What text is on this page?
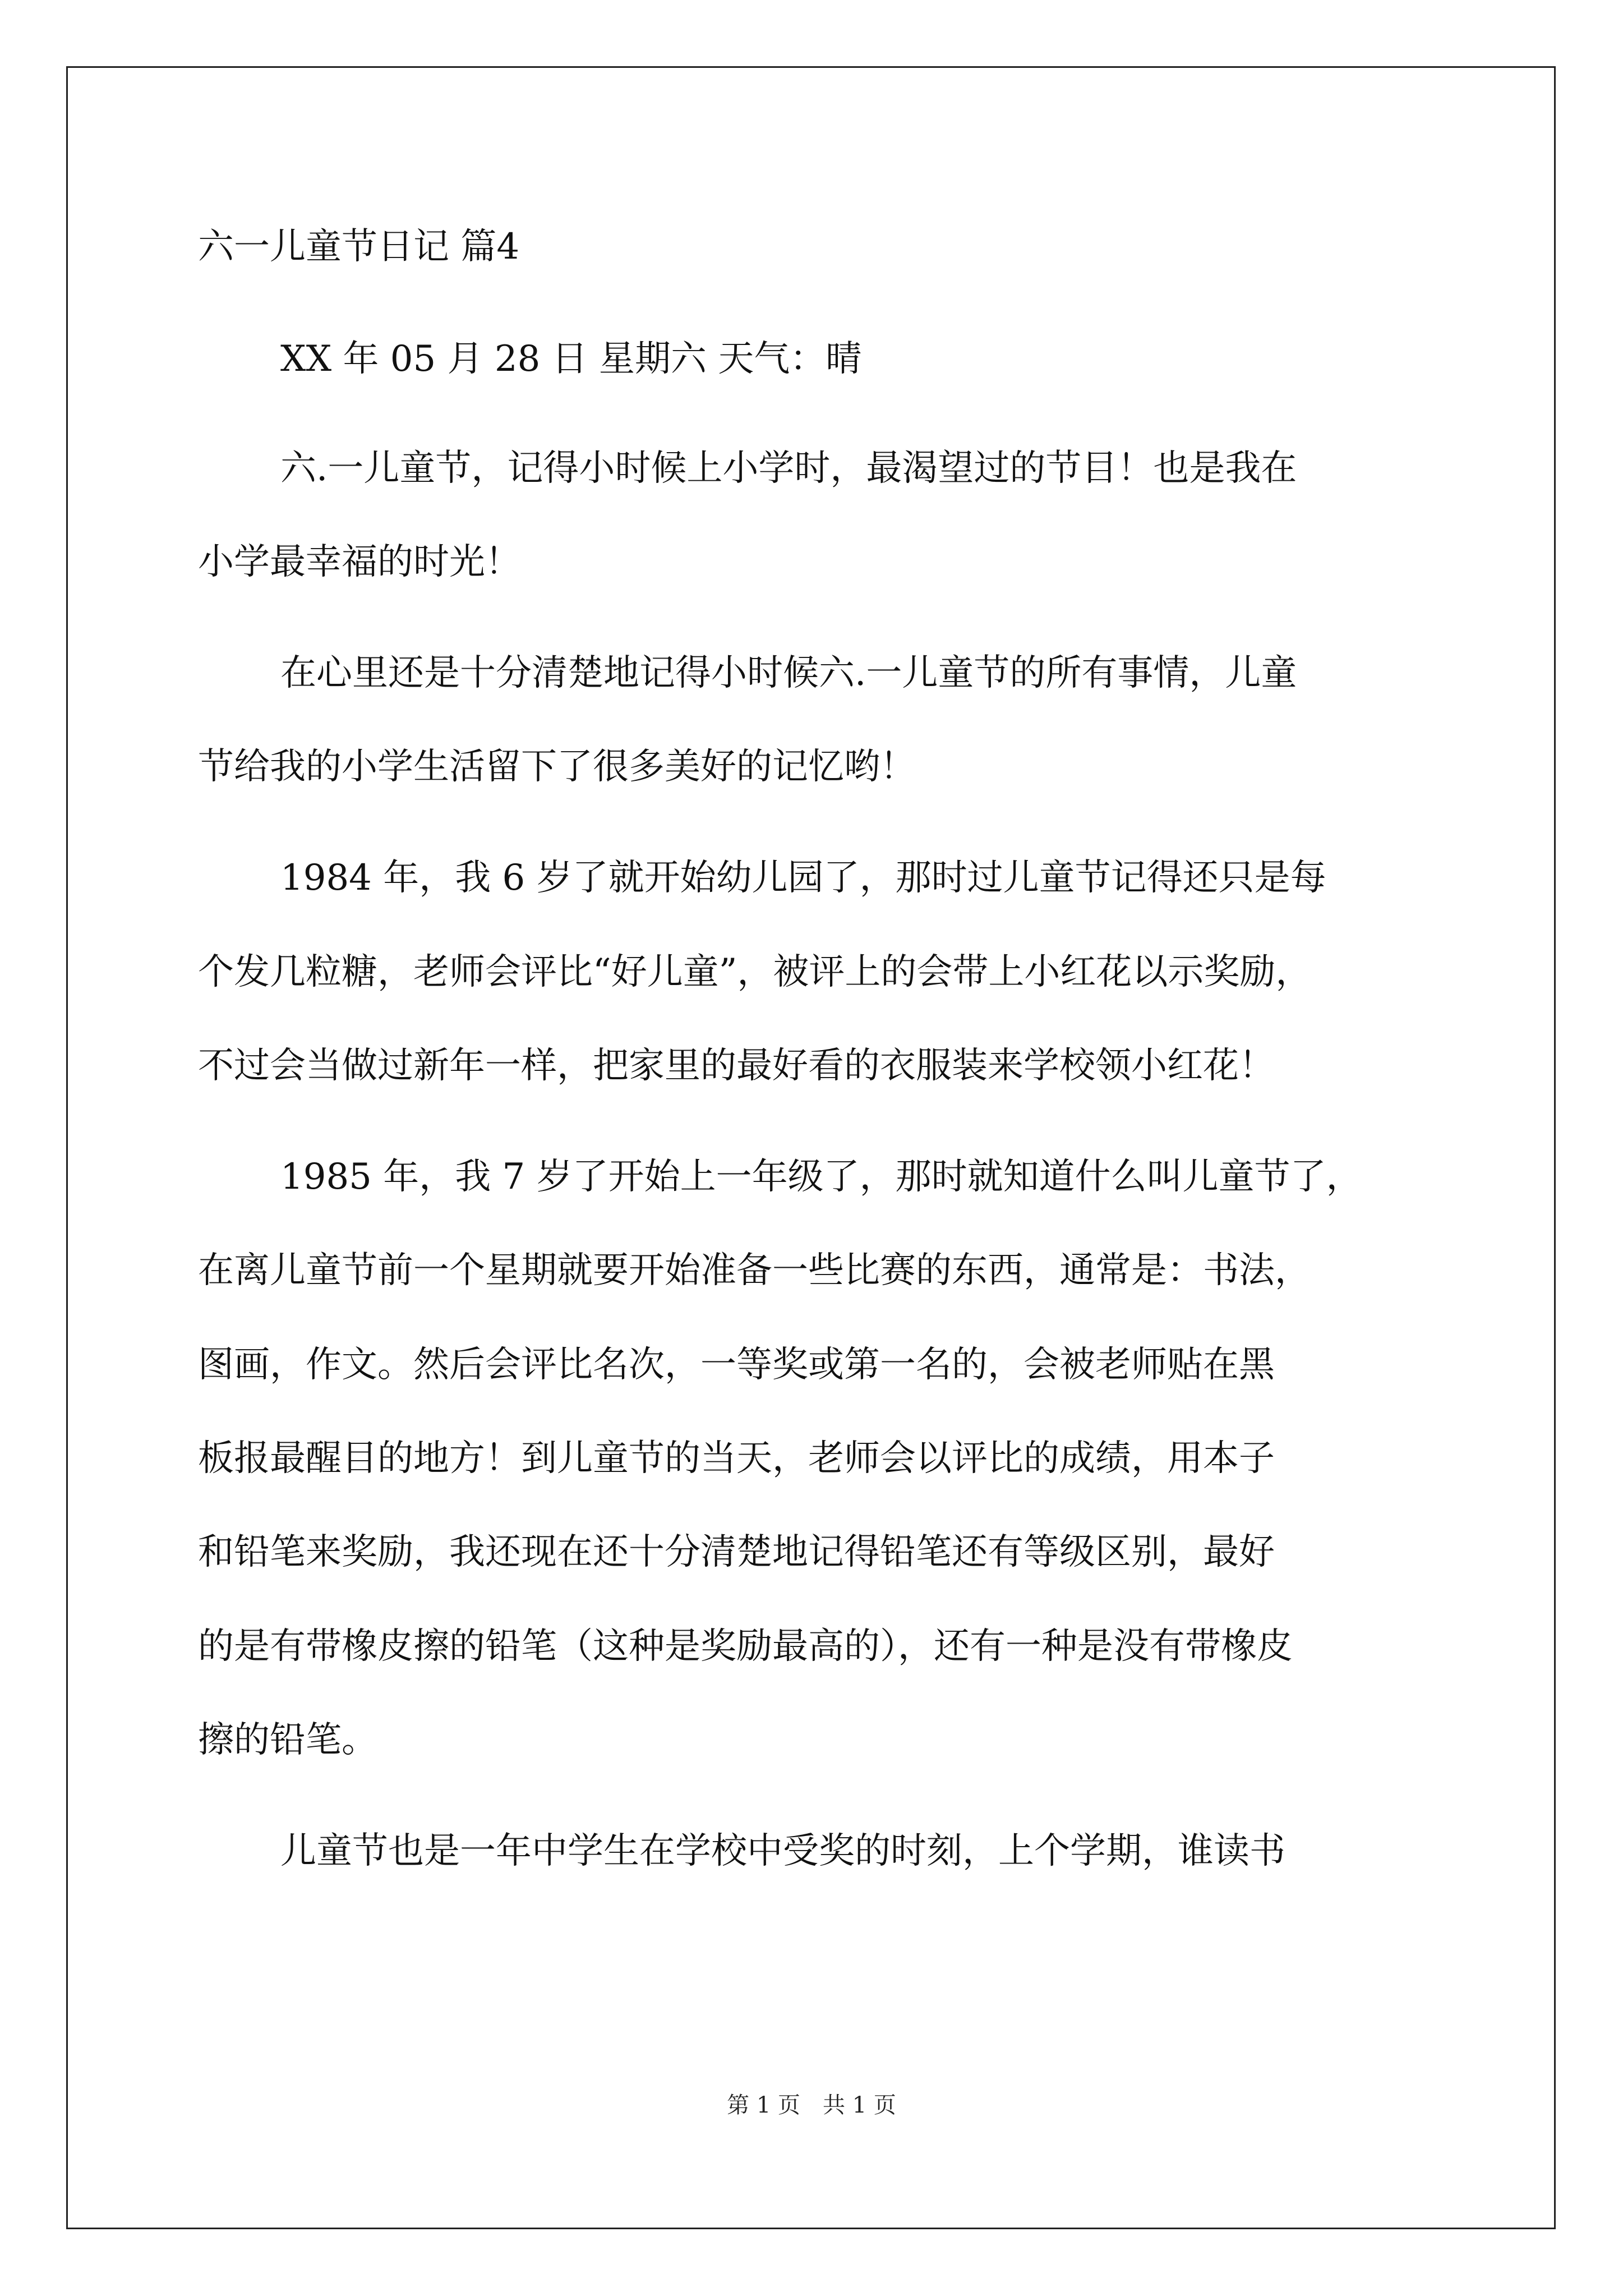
六一儿童节日记 篇4
XX 年 05 月 28 日 星期六 天气：晴
六.一儿童节，记得小时候上小学时，最渴望过的节目！也是我在
小学最幸福的时光！
在心里还是十分清楚地记得小时候六.一儿童节的所有事情，儿童
节给我的小学生活留下了很多美好的记忆哟！
1984 年，我 6 岁了就开始幼儿园了，那时过儿童节记得还只是每
个发几粒糖，老师会评比“好儿童”，被评上的会带上小红花以示奖励，
不过会当做过新年一样，把家里的最好看的衣服装来学校领小红花！
1985 年，我 7 岁了开始上一年级了，那时就知道什么叫儿童节了，
在离儿童节前一个星期就要开始准备一些比赛的东西，通常是：书法，
图画，作文。然后会评比名次，一等奖或第一名的，会被老师贴在黑
板报最醒目的地方！到儿童节的当天，老师会以评比的成绩，用本子
和铅笔来奖励，我还现在还十分清楚地记得铅笔还有等级区别，最好
的是有带橡皮擦的铅笔（这种是奖励最高的），还有一种是没有带橡皮
擦的铅笔。
儿童节也是一年中学生在学校中受奖的时刻，上个学期，谁读书
第 1 页　共 1 页
